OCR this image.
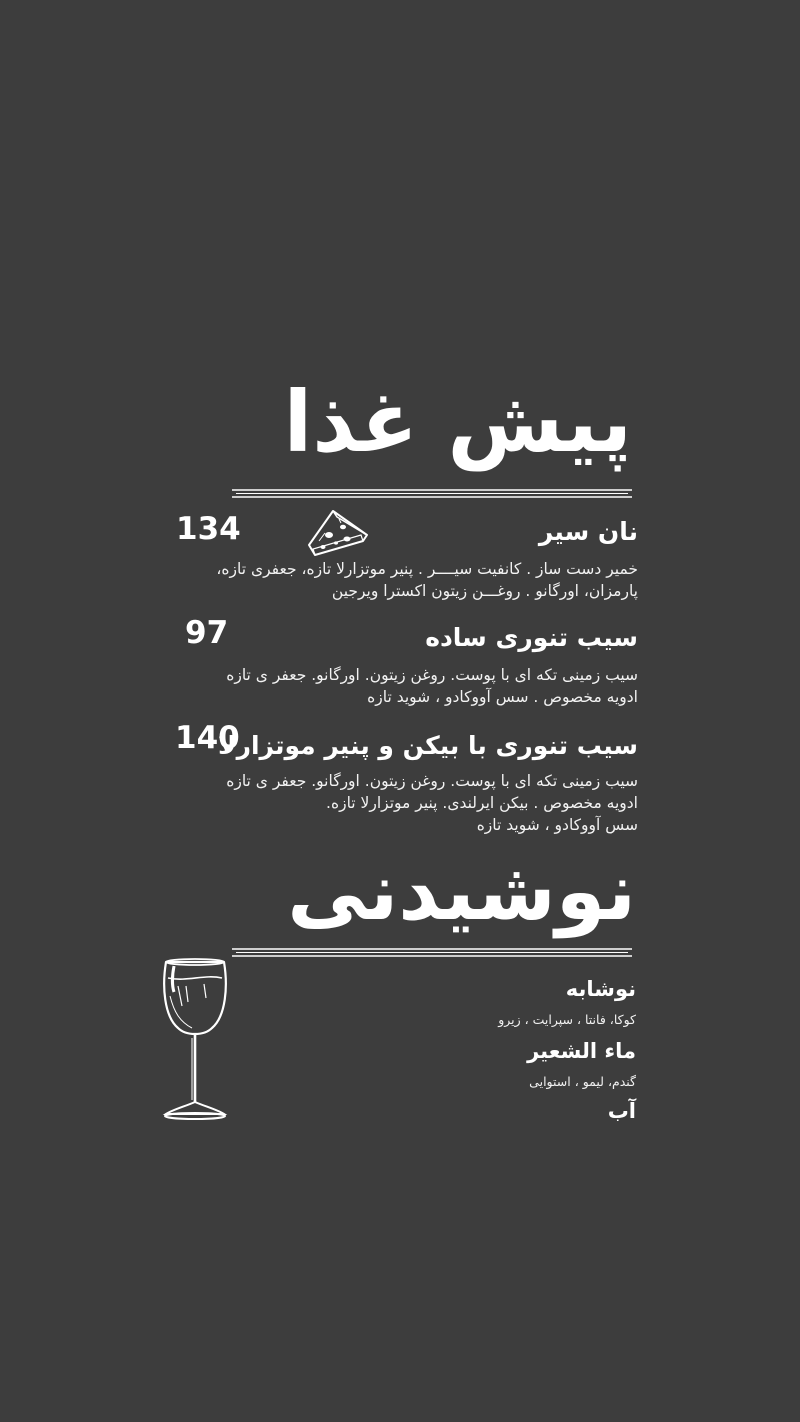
پیش غذا
نان سیر
134
خمیر دست ساز . کانفیت سیــــر . پنیر موتزارلا تازه، جعفری تازه،
پارمزان، اورگانو . روغـــن زیتون اکسترا ویرجین
سیب تنوری ساده
97
سیب زمینی تکه ای با پوست. روغن زیتون. اورگانو. جعفر ی تازه
ادویه مخصوص . سس آووکادو ، شوید تازه
سیب تنوری با بیکن و پنیر موتزارلا
140
سیب زمینی تکه ای با پوست. روغن زیتون. اورگانو. جعفر ی تازه
ادویه مخصوص . بیکن ایرلندی. پنیر موتزارلا تازه.
سس آووکادو ، شوید تازه
نوشیدنی
نوشابه
کوکا، فانتا ، سپرایت ، زیرو
ماء الشعیر
گندم، لیمو ، استوایی
آب
